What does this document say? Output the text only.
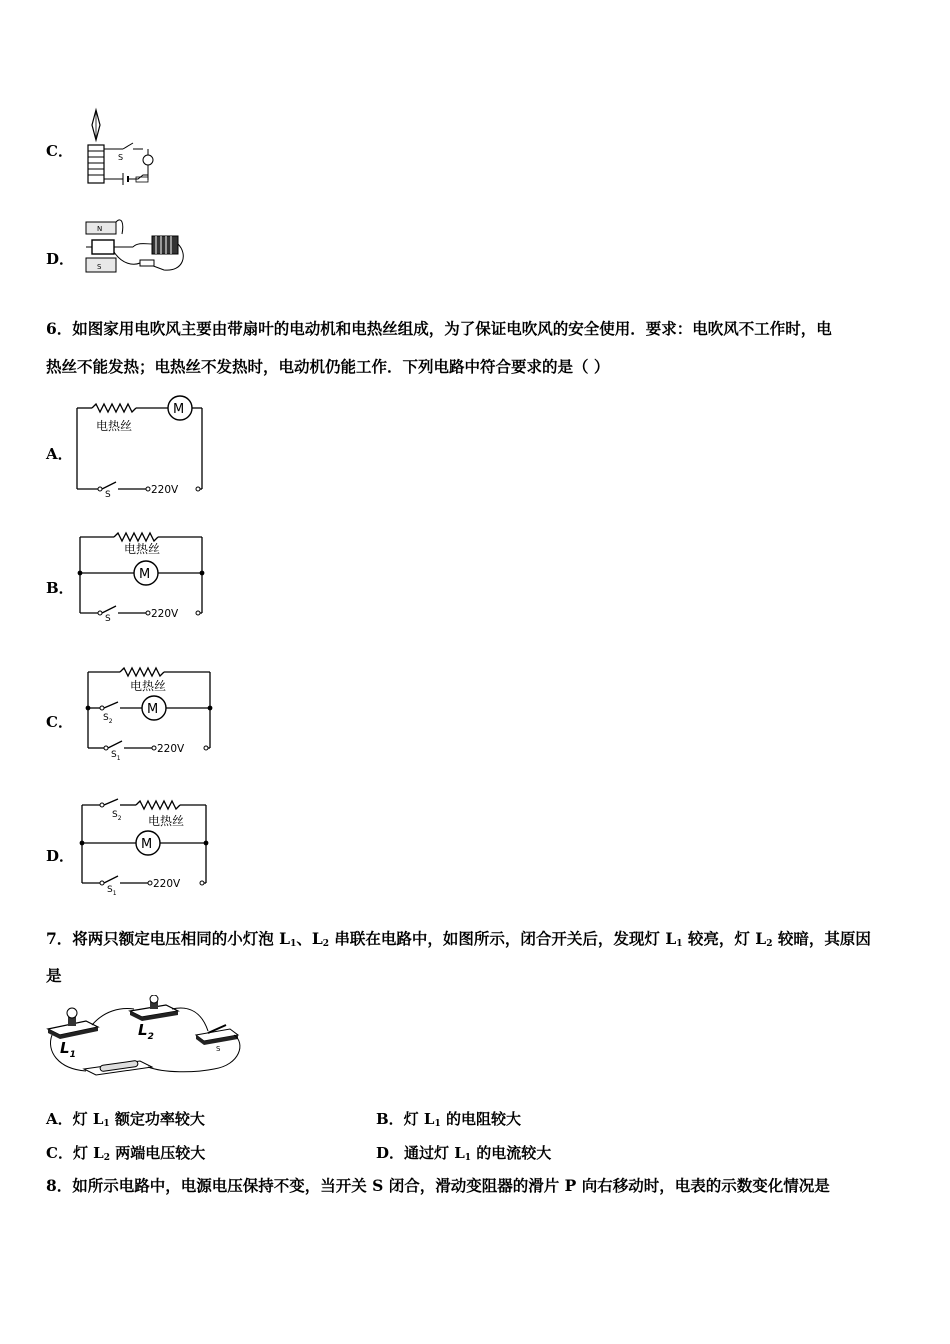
C．	S
D．
N
S
6．如图家用电吹风主要由带扇叶的电动机和电热丝组成，为了保证电吹风的安全使用．要求：电吹风不工作时，电
热丝不能发热；电热丝不发热时，电动机仍能工作．下列电路中符合要求的是（ ）
A．
M
电热丝
S	220V
B．
电热丝
M
S	220V
C．
电热丝
$S_2$
M
$S_1$
220V
D．
$S_2$ 电热丝
M
$S_1$
220V
7．将两只额定电压相同的小灯泡 $L_1$、$L_2$ 串联在电路中，如图所示，闭合开关后，发现灯 $L_1$ 较亮，灯 $L_2$ 较暗，其原因
是
$L_1$
$L_2$
S
A．灯 $L_1$ 额定功率较大	B．灯 $L_1$ 的电阻较大
C．灯 $L_2$ 两端电压较大	D．通过灯 $L_1$ 的电流较大
8．如所示电路中，电源电压保持不变，当开关 S 闭合，滑动变阻器的滑片 P 向右移动时，电表的示数变化情况是
